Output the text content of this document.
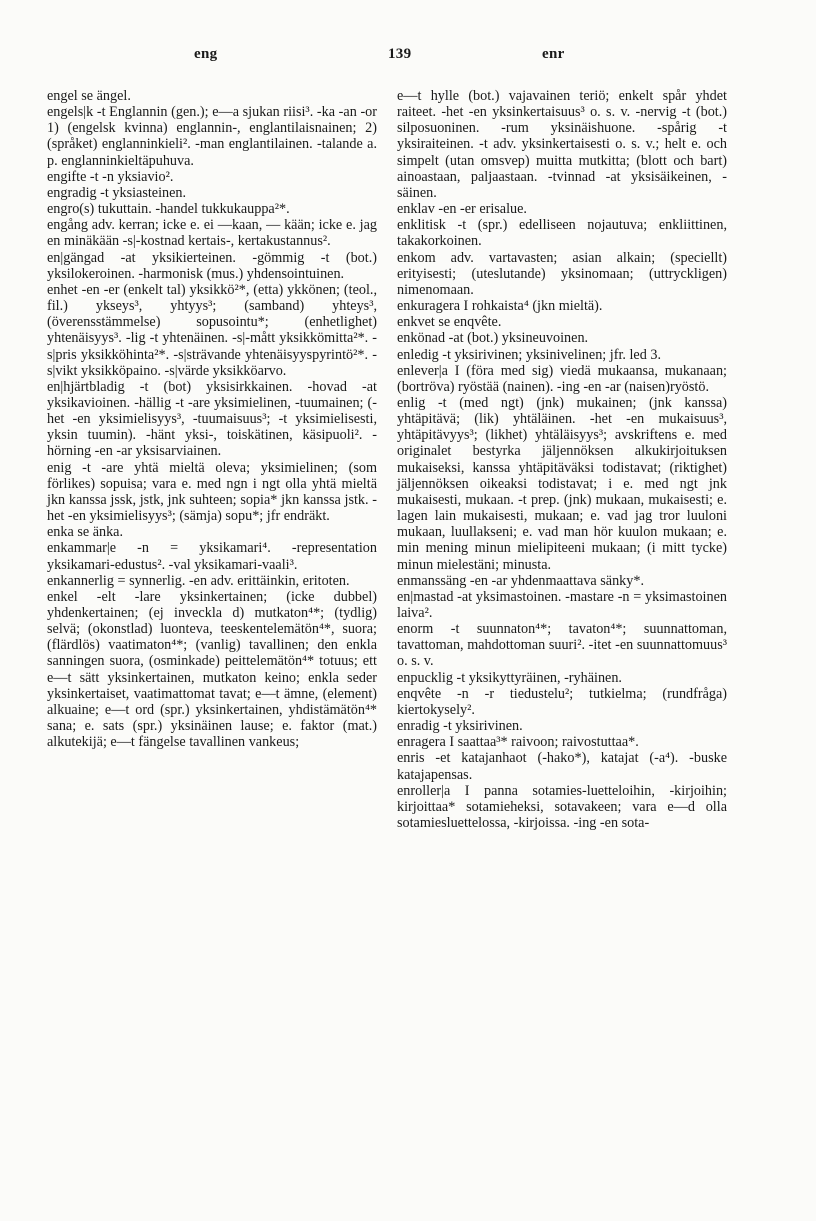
eng	139	enr

engel se ängel.

engels|k -t Englannin (gen.); e—a sjukan riisi³. -ka -an -or 1) (engelsk kvinna) englannin-, englantilaisnainen; 2) (språket) englanninkieli². -man englantilainen. -talande a. p. englanninkieltäpuhuva.

engifte -t -n yksiavio².

engradig -t yksiasteinen.

engro(s) tukuttain. -handel tukkukauppa²*.

engång adv. kerran; icke e. ei —kaan, — kään; icke e. jag en minäkään -s|-kostnad kertais-, kertakustannus².

en|gängad -at yksikierteinen. -gömmig -t (bot.) yksilokeroinen. -harmonisk (mus.) yhdensointuinen.

enhet -en -er (enkelt tal) yksikkö²*, (etta) ykkönen; (teol., fil.) ykseys³, yhtyys³; (samband) yhteys³, (överensstämmelse) sopusointu*; (enhetlighet) yhtenäisyys³. -lig -t yhtenäinen. -s|-mått yksikkömitta²*. -s|pris yksikköhinta²*. -s|strävande yhtenäisyyspyrintö²*. -s|vikt yksikköpaino. -s|värde yksikköarvo.

en|hjärtbladig -t (bot) yksisirkkainen. -hovad -at yksikavioinen. -hällig -t -are yksimielinen, -tuumainen; (-het -en yksimielisyys³, -tuumaisuus³; -t yksimielisesti, yksin tuumin). -hänt yksi-, toiskätinen, käsipuoli². -hörning -en -ar yksisarviainen.

enig -t -are yhtä mieltä oleva; yksimielinen; (som förlikes) sopuisa; vara e. med ngn i ngt olla yhtä mieltä jkn kanssa jssk, jstk, jnk suhteen; sopia* jkn kanssa jstk. -het -en yksimielisyys³; (sämja) sopu*; jfr endräkt.

enka se änka.

enkammar|e -n = yksikamari⁴. -representation yksikamari-edustus². -val yksikamari-vaali³.

enkannerlig = synnerlig. -en adv. erittäinkin, eritoten.

enkel -elt -lare yksinkertainen; (icke dubbel) yhdenkertainen; (ej inveckla d) mutkaton⁴*; (tydlig) selvä; (okonstlad) luonteva, teeskentelemätön⁴*, suora; (flärdlös) vaatimaton⁴*; (vanlig) tavallinen; den enkla sanningen suora, (osminkade) peittelemätön⁴* totuus; ett e—t sätt yksinkertainen, mutkaton keino; enkla seder yksinkertaiset, vaatimattomat tavat; e—t ämne, (element) alkuaine; e—t ord (spr.) yksinkertainen, yhdistämätön⁴* sana; e. sats (spr.) yksinäinen lause; e. faktor (mat.) alkutekijä; e—t fängelse tavallinen vankeus;

e—t hylle (bot.) vajavainen teriö; enkelt spår yhdet raiteet. -het -en yksinkertaisuus³ o. s. v. -nervig -t (bot.) silposuoninen. -rum yksinäishuone. -spårig -t yksiraiteinen. -t adv. yksinkertaisesti o. s. v.; helt e. och simpelt (utan omsvep) muitta mutkitta; (blott och bart) ainoastaan, paljaastaan. -tvinnad -at yksisäikeinen, -säinen.

enklav -en -er erisalue.

enklitisk -t (spr.) edelliseen nojautuva; enkliittinen, takakorkoinen.

enkom adv. vartavasten; asian alkain; (speciellt) erityisesti; (uteslutande) yksinomaan; (uttryckligen) nimenomaan.

enkuragera I rohkaista⁴ (jkn mieltä).

enkvet se enqvête.

enkönad -at (bot.) yksineuvoinen.

enledig -t yksirivinen; yksinivelinen; jfr. led 3.

enlever|a I (föra med sig) viedä mukaansa, mukanaan; (bortröva) ryöstää (nainen). -ing -en -ar (naisen)ryöstö.

enlig -t (med ngt) (jnk) mukainen; (jnk kanssa) yhtäpitävä; (lik) yhtäläinen. -het -en mukaisuus³, yhtäpitävyys³; (likhet) yhtäläisyys³; avskriftens e. med originalet bestyrka jäljennöksen alkukirjoituksen mukaiseksi, kanssa yhtäpitäväksi todistavat; (riktighet) jäljennöksen oikeaksi todistavat; i e. med ngt jnk mukaisesti, mukaan. -t prep. (jnk) mukaan, mukaisesti; e. lagen lain mukaisesti, mukaan; e. vad jag tror luuloni mukaan, luullakseni; e. vad man hör kuulon mukaan; e. min mening minun mielipiteeni mukaan; (i mitt tycke) minun mielestäni; minusta.

enmanssäng -en -ar yhdenmaattava sänky*.

en|mastad -at yksimastoinen. -mastare -n = yksimastoinen laiva².

enorm -t suunnaton⁴*; tavaton⁴*; suunnattoman, tavattoman, mahdottoman suuri². -itet -en suunnattomuus³ o. s. v.

enpucklig -t yksikyttyräinen, -ryhäinen.

enqvête -n -r tiedustelu²; tutkielma; (rundfråga) kiertokysely².

enradig -t yksirivinen.

enragera I saattaa³* raivoon; raivostuttaa*.

enris -et katajanhaot (-hako*), katajat (-a⁴). -buske katajapensas.

enroller|a I panna sotamies-luetteloihin, -kirjoihin; kirjoittaa* sotamieheksi, sotavakeen; vara e—d olla sotamiesluettelossa, -kirjoissa. -ing -en sota-
